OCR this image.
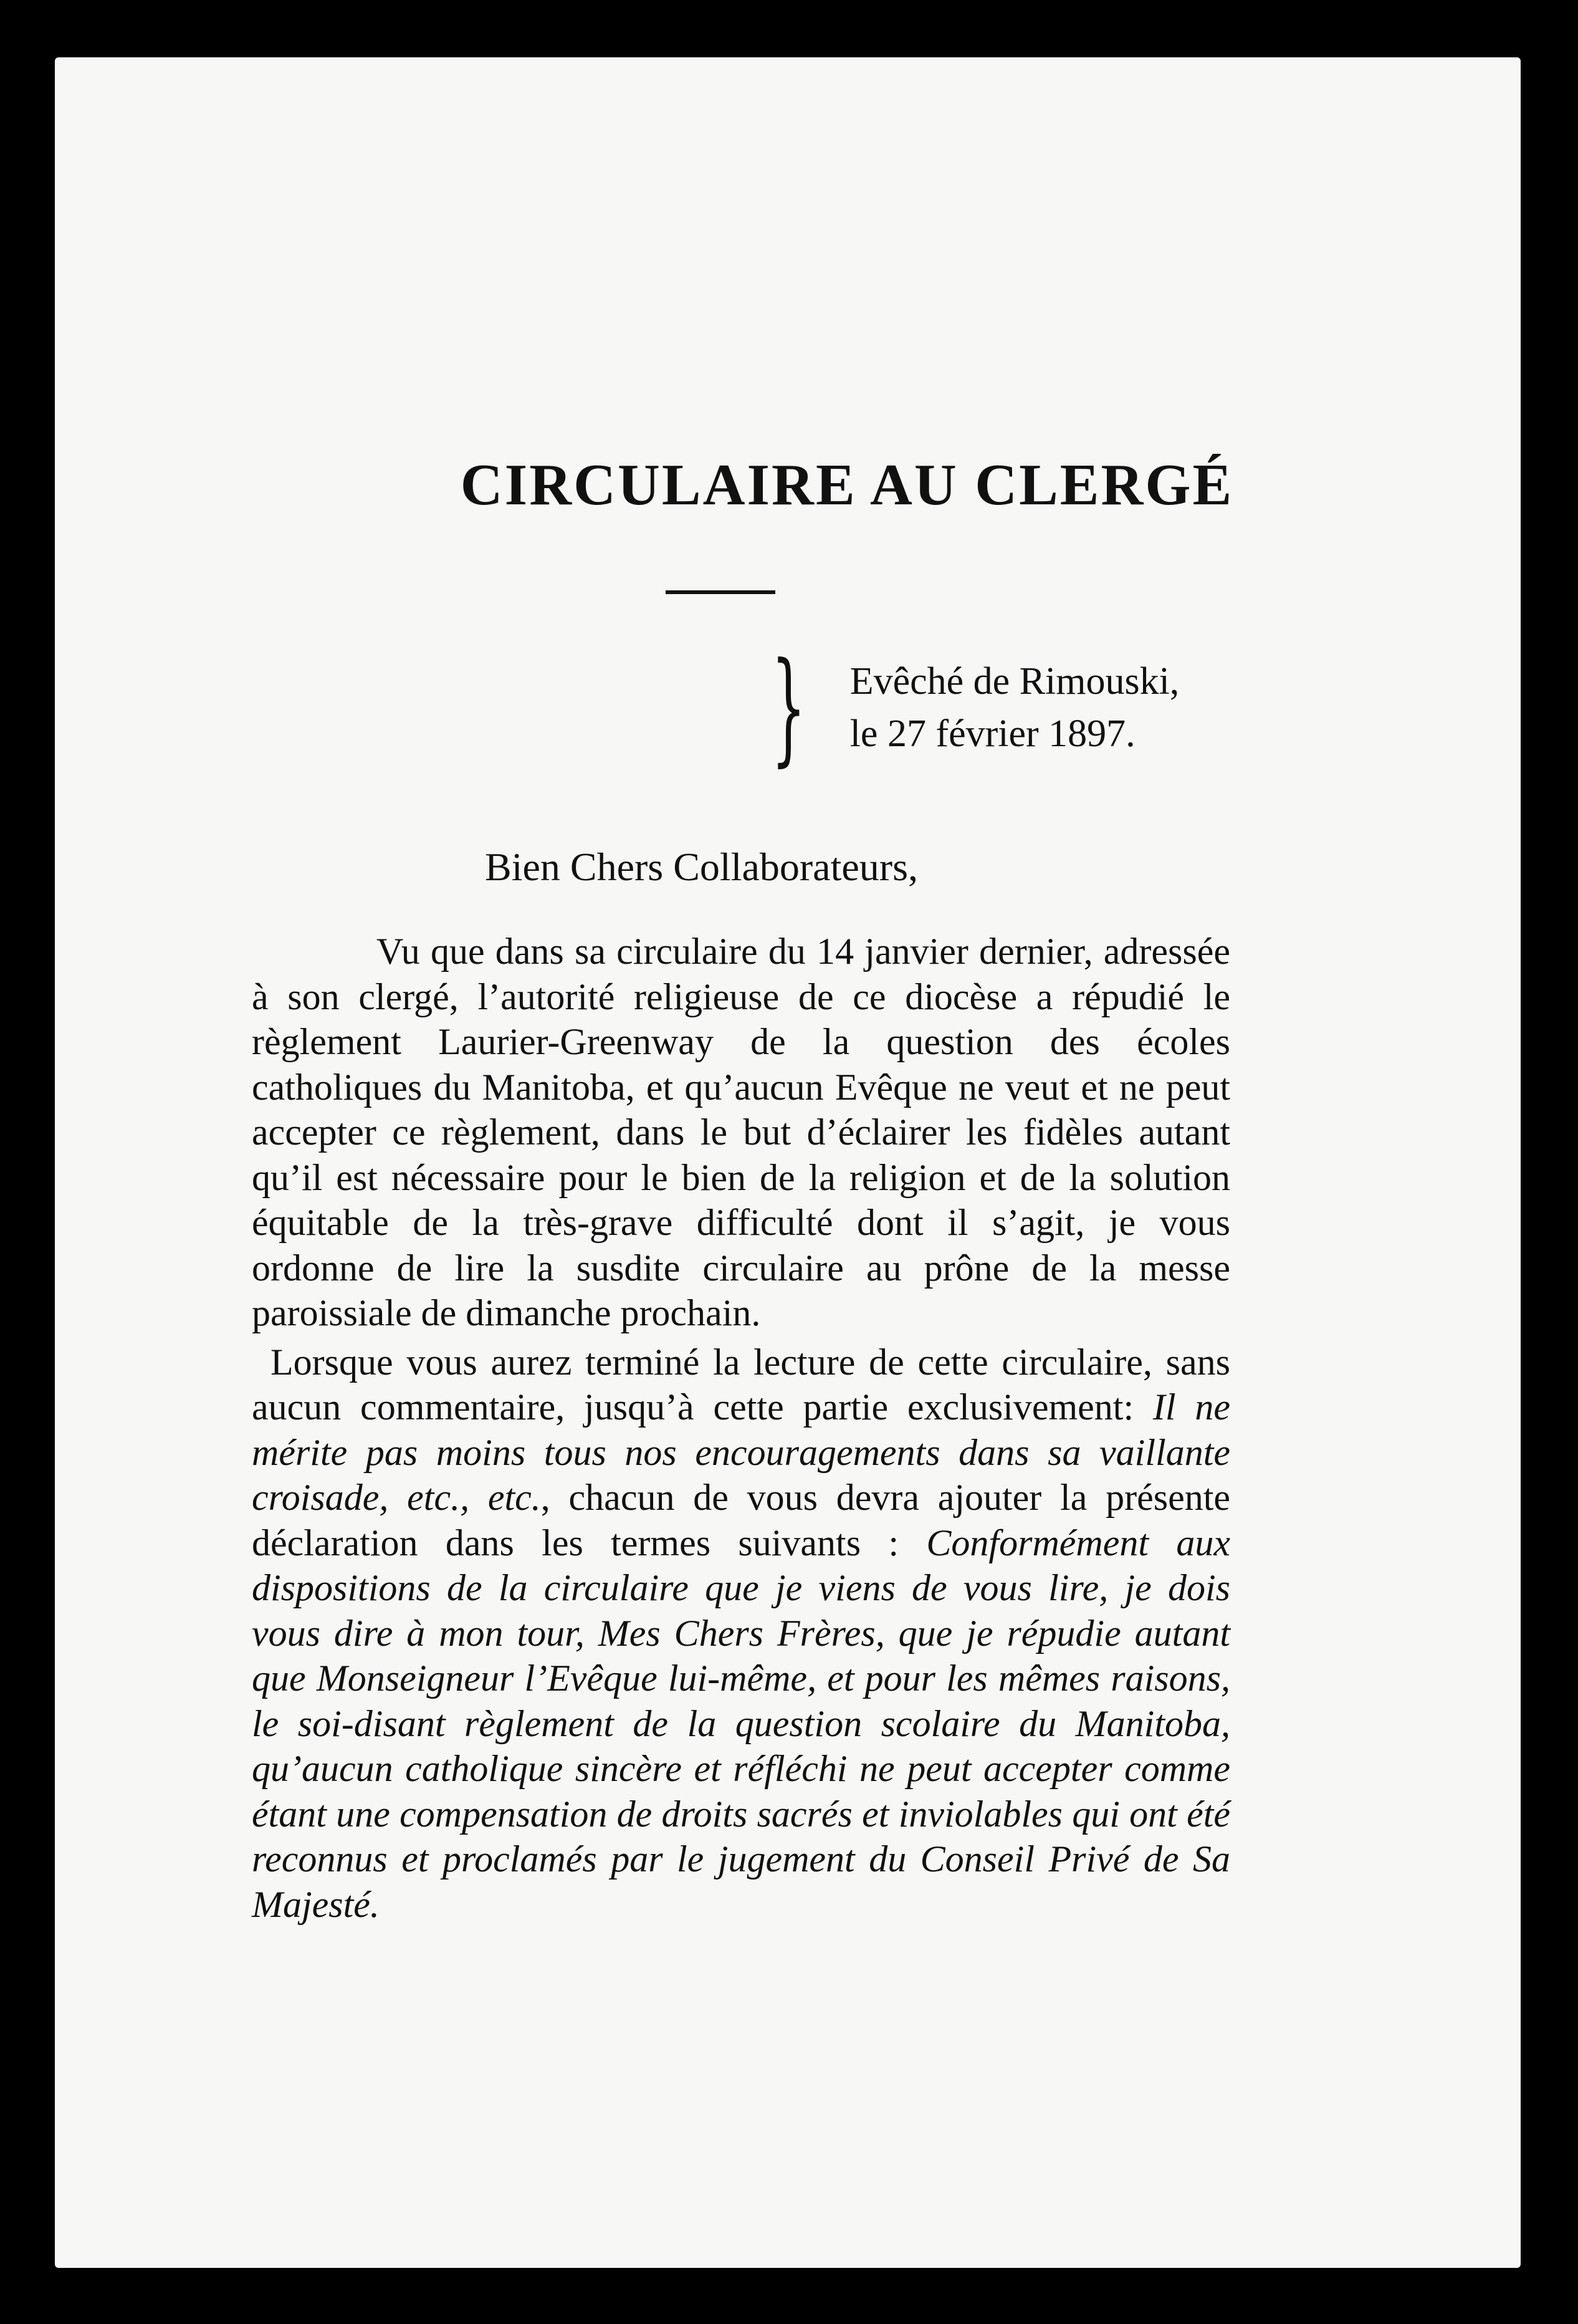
CIRCULAIRE AU CLERGÉ
} Evêché de Rimouski,
le 27 février 1897.

Bien Chers Collaborateurs,

Vu que dans sa circulaire du 14 janvier dernier, adressée à son clergé, l’autorité religieuse de ce diocèse a répudié le règlement Laurier-Greenway de la question des écoles catholiques du Manitoba, et qu’aucun Evêque ne veut et ne peut accepter ce règlement, dans le but d’éclairer les fidèles autant qu’il est nécessaire pour le bien de la religion et de la solution équitable de la très-grave difficulté dont il s’agit, je vous ordonne de lire la susdite circulaire au prône de la messe paroissiale de dimanche prochain.

Lorsque vous aurez terminé la lecture de cette circulaire, sans aucun commentaire, jusqu’à cette partie exclusivement: Il ne mérite pas moins tous nos encouragements dans sa vaillante croisade, etc., etc., chacun de vous devra ajouter la présente déclaration dans les termes suivants : Conformément aux dispositions de la circulaire que je viens de vous lire, je dois vous dire à mon tour, Mes Chers Frères, que je répudie autant que Monseigneur l’Evêque lui-même, et pour les mêmes raisons, le soi-disant règlement de la question scolaire du Manitoba, qu’aucun catholique sincère et réfléchi ne peut accepter comme étant une compensation de droits sacrés et inviolables qui ont été reconnus et proclamés par le jugement du Conseil Privé de Sa Majesté.
